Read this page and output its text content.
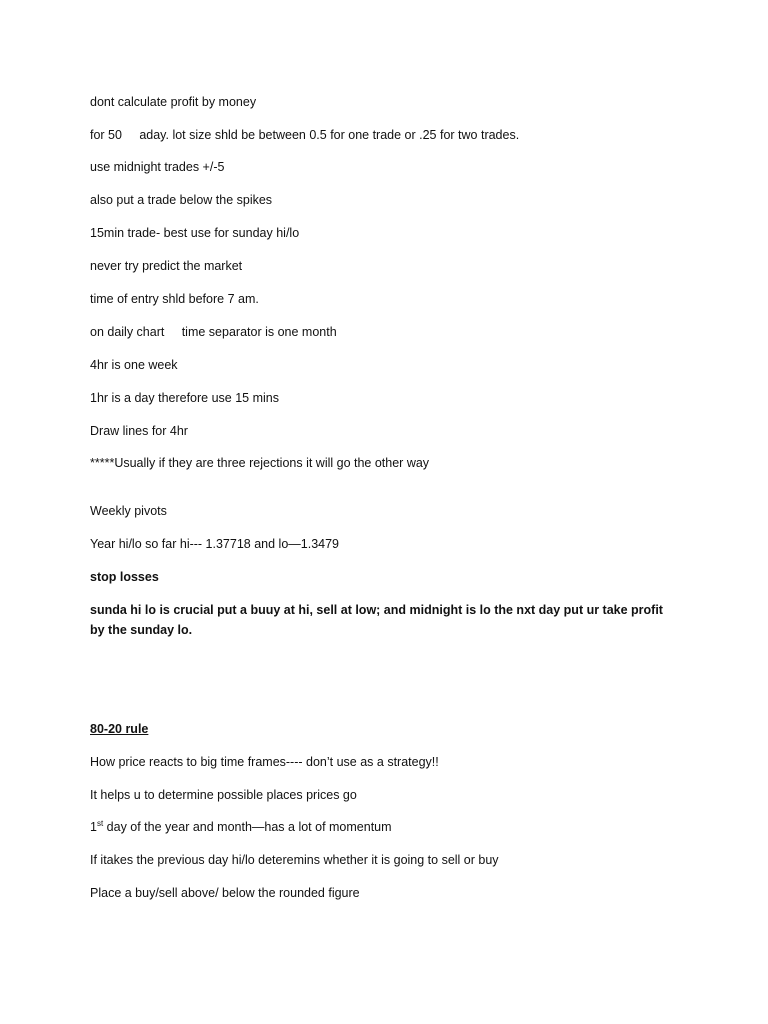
dont calculate profit by money
for 50     aday. lot size shld be between 0.5 for one trade or .25 for two trades.
use midnight trades +/-5
also put a trade below the spikes
15min trade- best use for sunday hi/lo
never try predict the market
time of entry shld before 7 am.
on daily chart     time separator is one month
4hr is one week
1hr is a day therefore use 15 mins
Draw lines for 4hr
*****Usually if they are three rejections it will go the other way
Weekly pivots
Year hi/lo so far hi--- 1.37718 and lo—1.3479
stop losses
sunda hi lo is crucial put a buuy at hi, sell at low; and midnight is lo the nxt day put ur take profit by the sunday lo.
80-20 rule
How price reacts to big time frames---- don’t use as a strategy!!
It helps u to determine possible places prices go
1st day of the year and month—has a lot of momentum
If itakes the previous day hi/lo deteremins whether it is going to sell or buy
Place a buy/sell above/ below the rounded figure
